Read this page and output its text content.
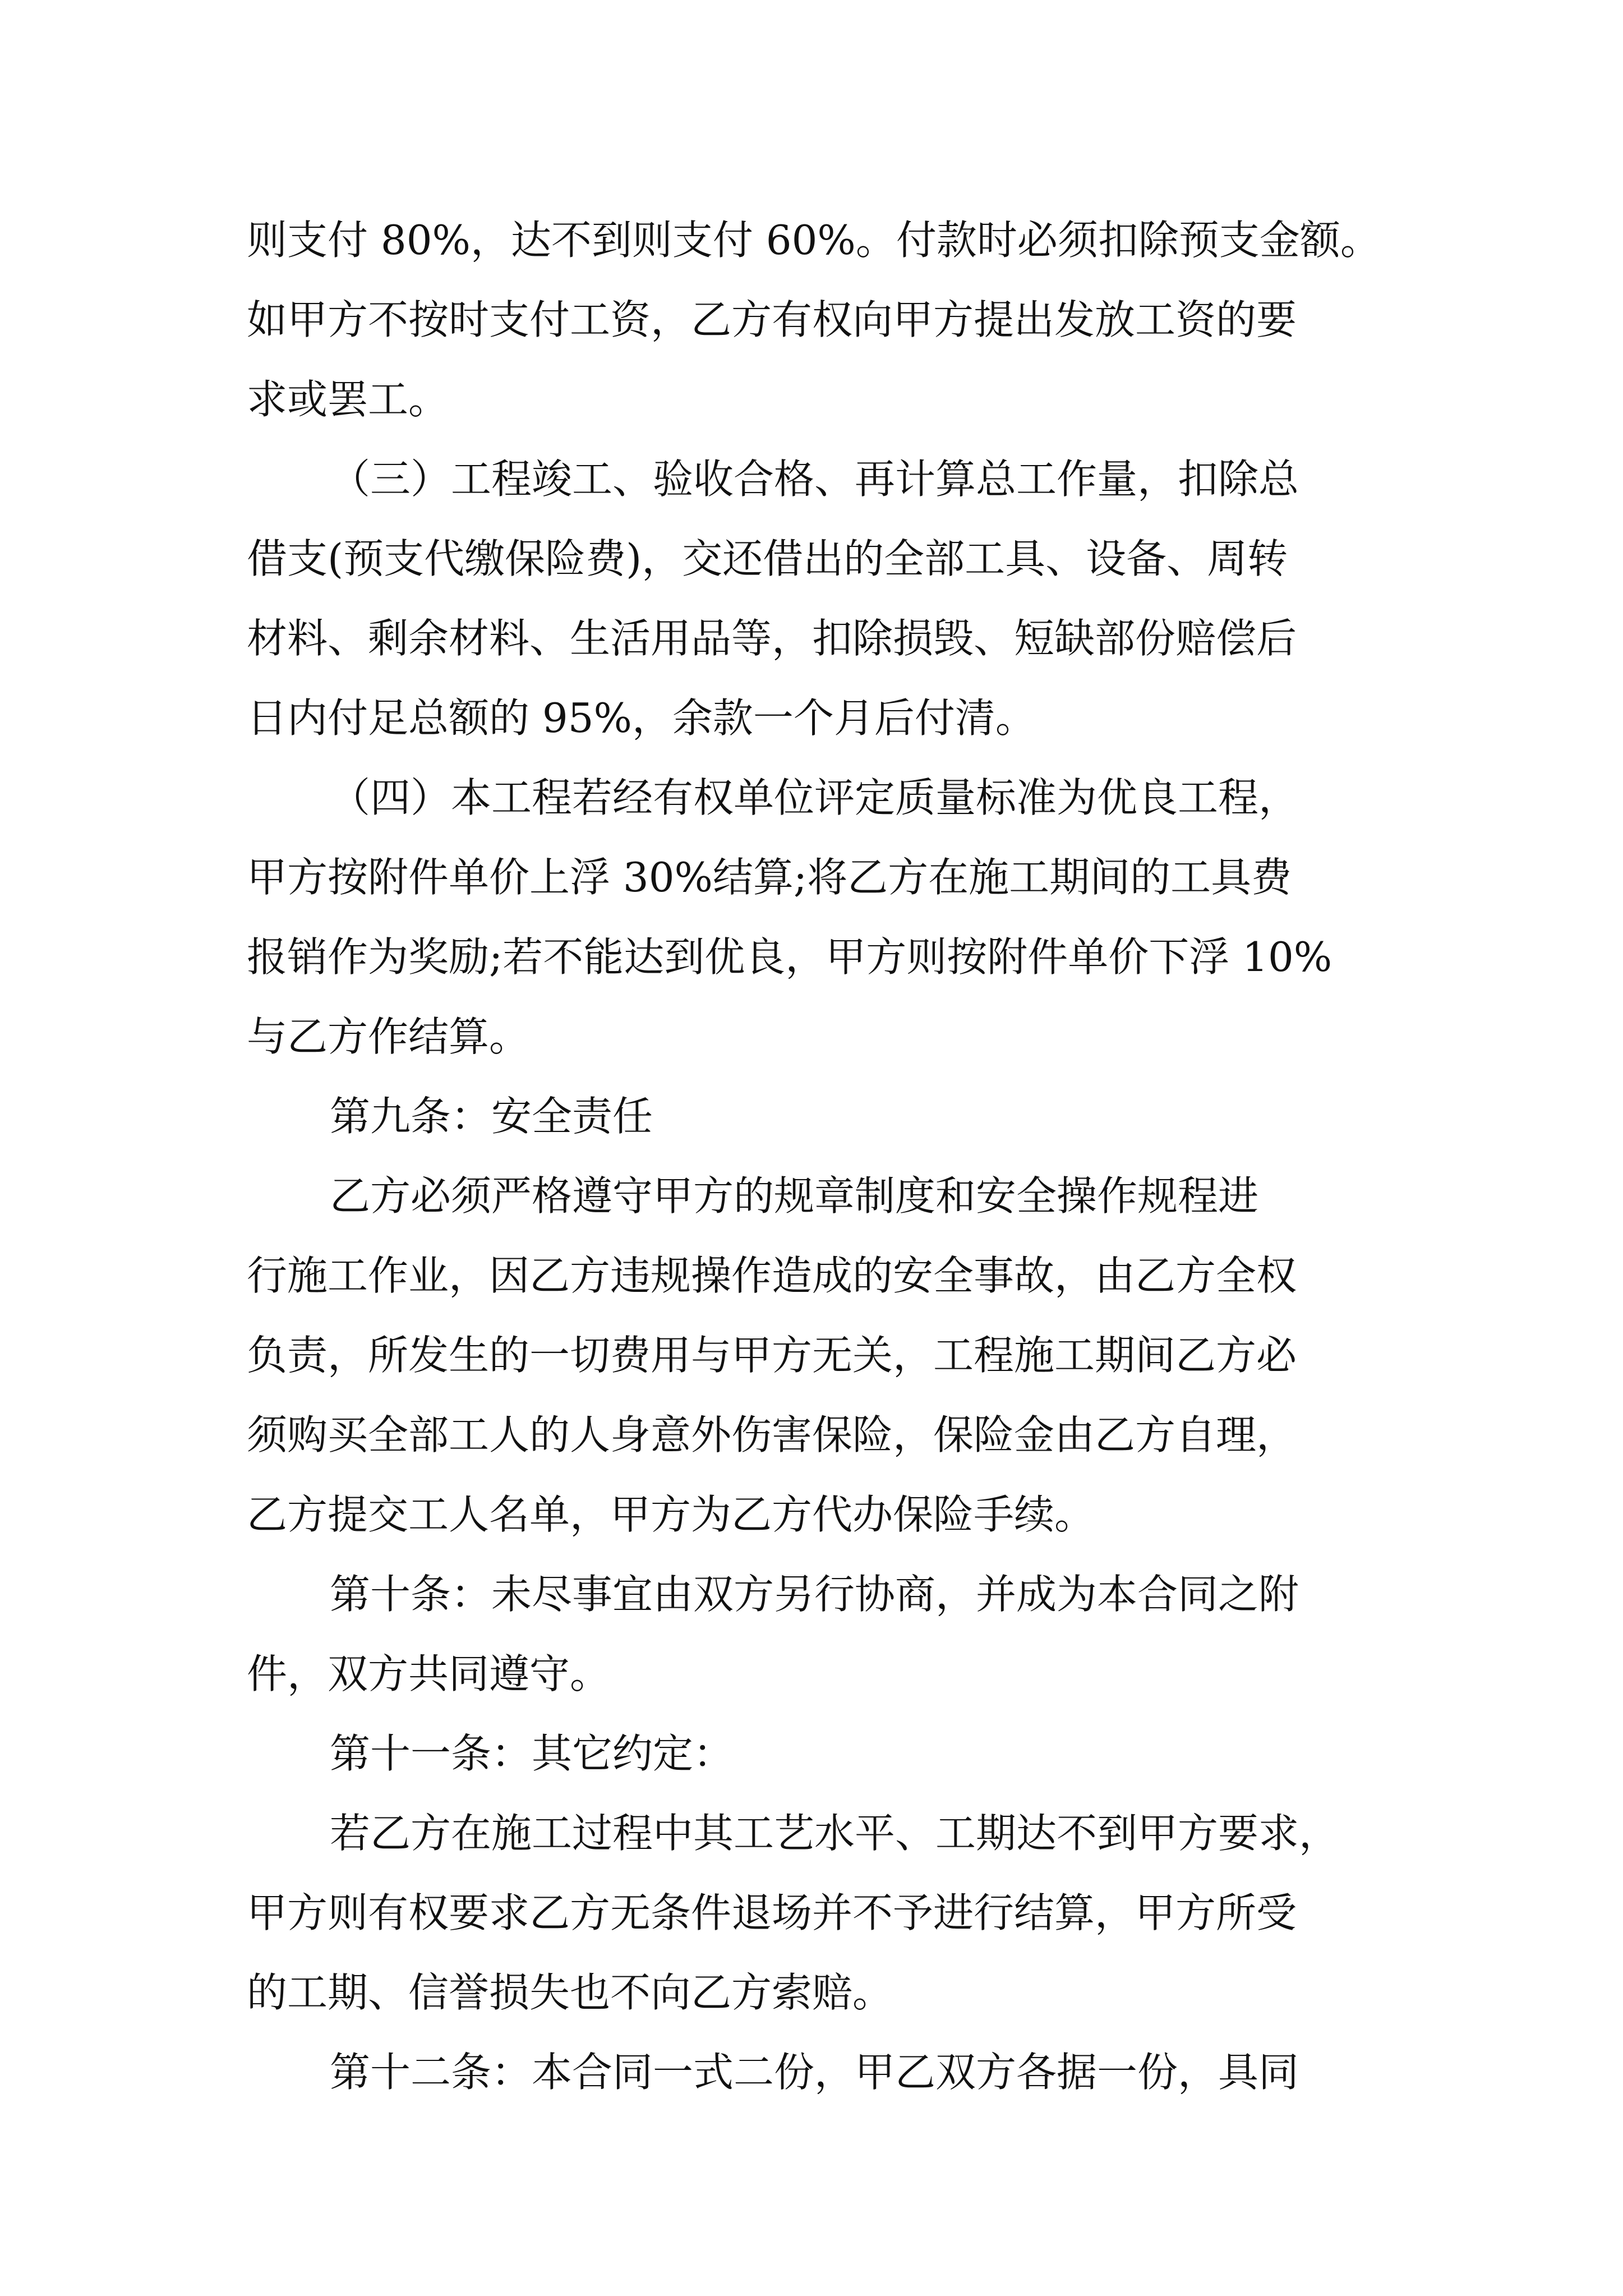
则支付 80%，达不到则支付 60%。付款时必须扣除预支金额。
如甲方不按时支付工资，乙方有权向甲方提出发放工资的要
求或罢工。
（三）工程竣工、验收合格、再计算总工作量，扣除总
借支(预支代缴保险费)，交还借出的全部工具、设备、周转
材料、剩余材料、生活用品等，扣除损毁、短缺部份赔偿后
日内付足总额的 95%，余款一个月后付清。
（四）本工程若经有权单位评定质量标准为优良工程，
甲方按附件单价上浮 30%结算;将乙方在施工期间的工具费
报销作为奖励;若不能达到优良，甲方则按附件单价下浮 10%
与乙方作结算。
第九条：安全责任
乙方必须严格遵守甲方的规章制度和安全操作规程进
行施工作业，因乙方违规操作造成的安全事故，由乙方全权
负责，所发生的一切费用与甲方无关，工程施工期间乙方必
须购买全部工人的人身意外伤害保险，保险金由乙方自理，
乙方提交工人名单，甲方为乙方代办保险手续。
第十条：未尽事宜由双方另行协商，并成为本合同之附
件，双方共同遵守。
第十一条：其它约定：
若乙方在施工过程中其工艺水平、工期达不到甲方要求，
甲方则有权要求乙方无条件退场并不予进行结算，甲方所受
的工期、信誉损失也不向乙方索赔。
第十二条：本合同一式二份，甲乙双方各据一份，具同
